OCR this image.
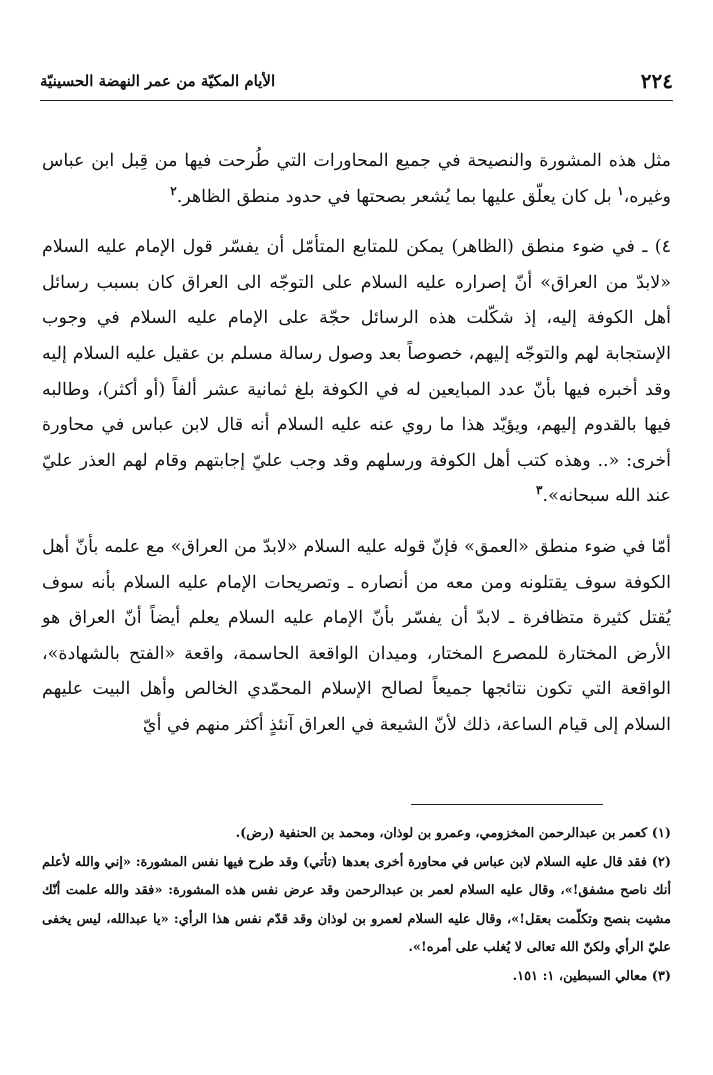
٢٢٤
الأيام المكيّة من عمر النهضة الحسينيّة

مثل هذه المشورة والنصيحة في جميع المحاورات التي طُرحت فيها من قِبل ابن عباس وغيره،$^١$ بل كان يعلّق عليها بما يُشعر بصحتها في حدود منطق الظاهر.$^٢$

٤) ـ في ضوء منطق (الظاهر) يمكن للمتابع المتأمّل أن يفسّر قول الإمام عليه السلام «لابدّ من العراق» أنّ إصراره عليه السلام على التوجّه الى العراق كان بسبب رسائل أهل الكوفة إليه، إذ شكّلت هذه الرسائل حجّة على الإمام عليه السلام في وجوب الإستجابة لهم والتوجّه إليهم، خصوصاً بعد وصول رسالة مسلم بن عقيل عليه السلام إليه وقد أخبره فيها بأنّ عدد المبايعين له في الكوفة بلغ ثمانية عشر ألفاً (أو أكثر)، وطالبه فيها بالقدوم إليهم، ويؤيّد هذا ما روي عنه عليه السلام أنه قال لابن عباس في محاورة أخرى: «.. وهذه كتب أهل الكوفة ورسلهم وقد وجب عليّ إجابتهم وقام لهم العذر عليّ عند الله سبحانه».$^٣$

أمّا في ضوء منطق «العمق» فإنّ قوله عليه السلام «لابدّ من العراق» مع علمه بأنّ أهل الكوفة سوف يقتلونه ومن معه من أنصاره ـ وتصريحات الإمام عليه السلام بأنه سوف يُقتل كثيرة متظافرة ـ لابدّ أن يفسّر بأنّ الإمام عليه السلام يعلم أيضاً أنّ العراق هو الأرض المختارة للمصرع المختار، وميدان الواقعة الحاسمة، واقعة «الفتح بالشهادة»، الواقعة التي تكون نتائجها جميعاً لصالح الإسلام المحمّدي الخالص وأهل البيت عليهم السلام إلى قيام الساعة، ذلك لأنّ الشيعة في العراق آنئذٍ أكثر منهم في أيّ

(١) كعمر بن عبدالرحمن المخزومي، وعمرو بن لوذان، ومحمد بن الحنفية (رض).

(٢) فقد قال عليه السلام لابن عباس في محاورة أخرى بعدها (تأتي) وقد طرح فيها نفس المشورة: «إني والله لأعلم أنك ناصح مشفق!»، وقال عليه السلام لعمر بن عبدالرحمن وقد عرض نفس هذه المشورة: «فقد والله علمت أنّك مشيت بنصح وتكلّمت بعقل!»، وقال عليه السلام لعمرو بن لوذان وقد قدّم نفس هذا الرأي: «يا عبدالله، ليس يخفى عليّ الرأي ولكنّ الله تعالى لا يُغلب على أمره!».

(٣) معالي السبطين، ١: ١٥١.
